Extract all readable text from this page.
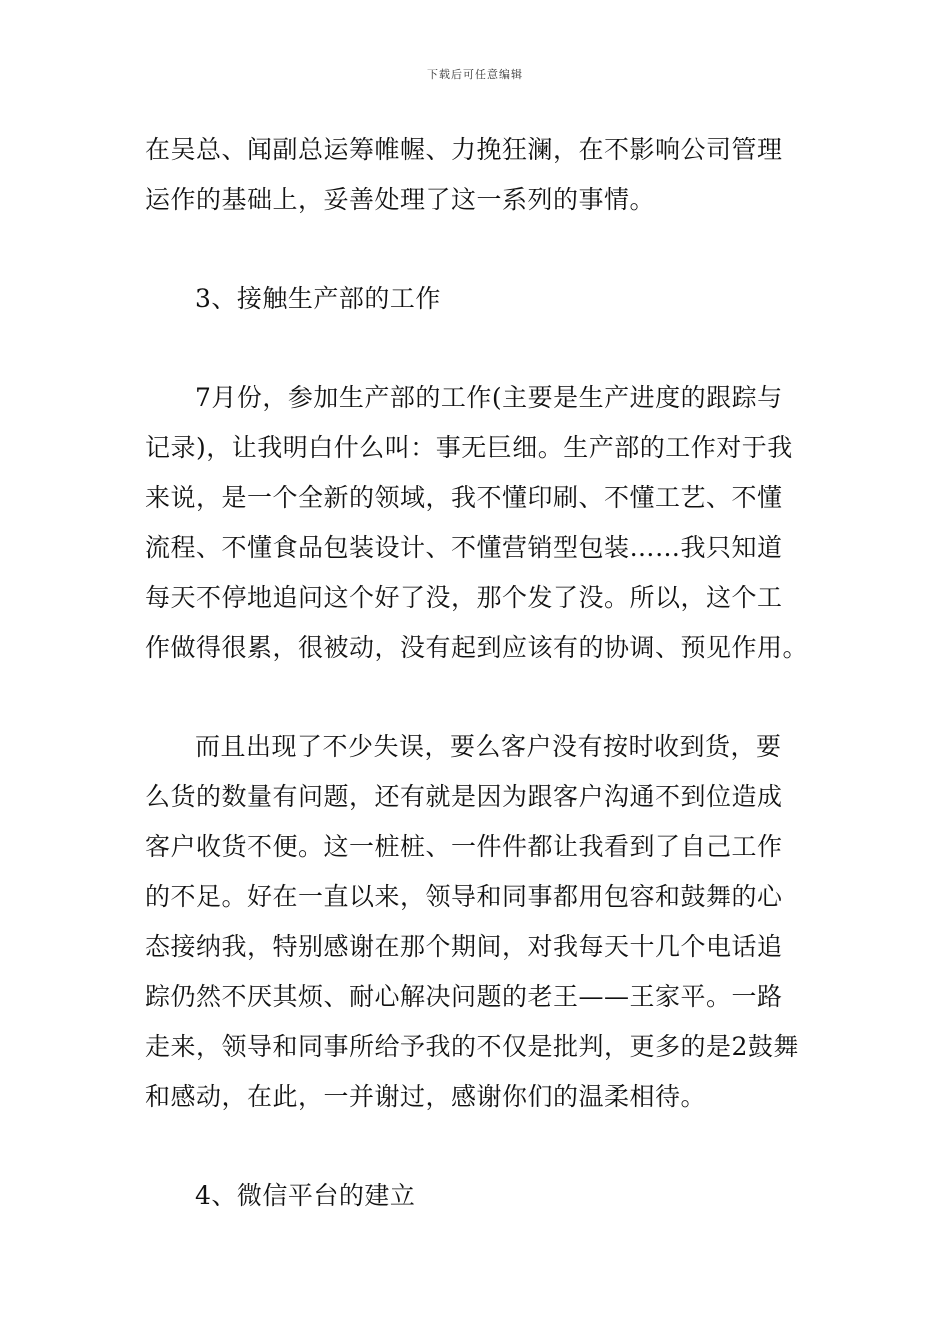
下载后可任意编辑
在吴总、闻副总运筹帷幄、力挽狂澜，在不影响公司管理
运作的基础上，妥善处理了这一系列的事情。
3、接触生产部的工作
7月份，参加生产部的工作(主要是生产进度的跟踪与
记录)，让我明白什么叫：事无巨细。生产部的工作对于我
来说，是一个全新的领域，我不懂印刷、不懂工艺、不懂
流程、不懂食品包装设计、不懂营销型包装……我只知道
每天不停地追问这个好了没，那个发了没。所以，这个工
作做得很累，很被动，没有起到应该有的协调、预见作用。
而且出现了不少失误，要么客户没有按时收到货，要
么货的数量有问题，还有就是因为跟客户沟通不到位造成
客户收货不便。这一桩桩、一件件都让我看到了自己工作
的不足。好在一直以来，领导和同事都用包容和鼓舞的心
态接纳我，特别感谢在那个期间，对我每天十几个电话追
踪仍然不厌其烦、耐心解决问题的老王——王家平。一路
走来，领导和同事所给予我的不仅是批判，更多的是2鼓舞
和感动，在此，一并谢过，感谢你们的温柔相待。
4、微信平台的建立
